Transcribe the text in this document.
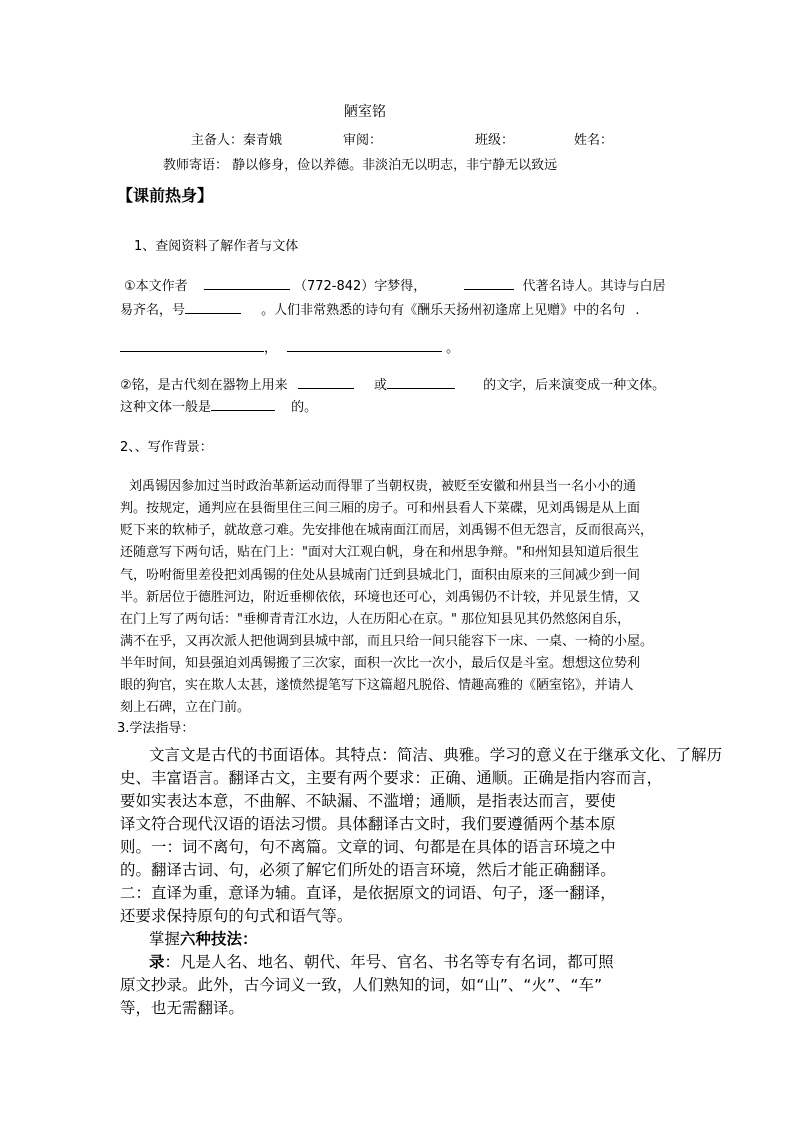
陋室铭
主备人：秦青娥	审阅：	班级：	姓名：
教师寄语： 静以修身，俭以养德。非淡泊无以明志，非宁静无以致远
【课前热身】
1、查阅资料了解作者与文体
①本文作者	（772-842）字梦得，	代著名诗人。其诗与白居
易齐名，号	。人们非常熟悉的诗句有《酬乐天扬州初逢席上见赠》中的名句 .
，	。
②铭，是古代刻在器物上用来	或	的文字，后来演变成一种文体。
这种文体一般是	的。
2、、写作背景：
刘禹锡因参加过当时政治革新运动而得罪了当朝权贵，被贬至安徽和州县当一名小小的通
判。按规定，通判应在县衙里住三间三厢的房子。可和州县看人下菜碟，见刘禹锡是从上面
贬下来的软柿子，就故意刁难。先安排他在城南面江而居，刘禹锡不但无怨言，反而很高兴，
还随意写下两句话，贴在门上："面对大江观白帆，身在和州思争辩。"和州知县知道后很生
气，吩咐衙里差役把刘禹锡的住处从县城南门迁到县城北门，面积由原来的三间减少到一间
半。新居位于德胜河边，附近垂柳依依，环境也还可心，刘禹锡仍不计较，并见景生情，又
在门上写了两句话："垂柳青青江水边，人在历阳心在京。" 那位知县见其仍然悠闲自乐，
满不在乎，又再次派人把他调到县城中部，而且只给一间只能容下一床、一桌、一椅的小屋。
半年时间，知县强迫刘禹锡搬了三次家，面积一次比一次小，最后仅是斗室。想想这位势利
眼的狗官，实在欺人太甚，遂愤然提笔写下这篇超凡脱俗、情趣高雅的《陋室铭》，并请人
刻上石碑，立在门前。
3.学法指导：
文言文是古代的书面语体。其特点：简洁、典雅。学习的意义在于继承文化、了解历
史、丰富语言。翻译古文，主要有两个要求：正确、通顺。正确是指内容而言，
要如实表达本意，不曲解、不缺漏、不滥增；通顺，是指表达而言，要使
译文符合现代汉语的语法习惯。具体翻译古文时，我们要遵循两个基本原
则。一：词不离句，句不离篇。文章的词、句都是在具体的语言环境之中
的。翻译古词、句，必须了解它们所处的语言环境，然后才能正确翻译。
二：直译为重，意译为辅。直译，是依据原文的词语、句子，逐一翻译，
还要求保持原句的句式和语气等。
掌握六种技法：
录：凡是人名、地名、朝代、年号、官名、书名等专有名词，都可照
原文抄录。此外，古今词义一致，人们熟知的词，如“山”、“火”、“车”
等，也无需翻译。
